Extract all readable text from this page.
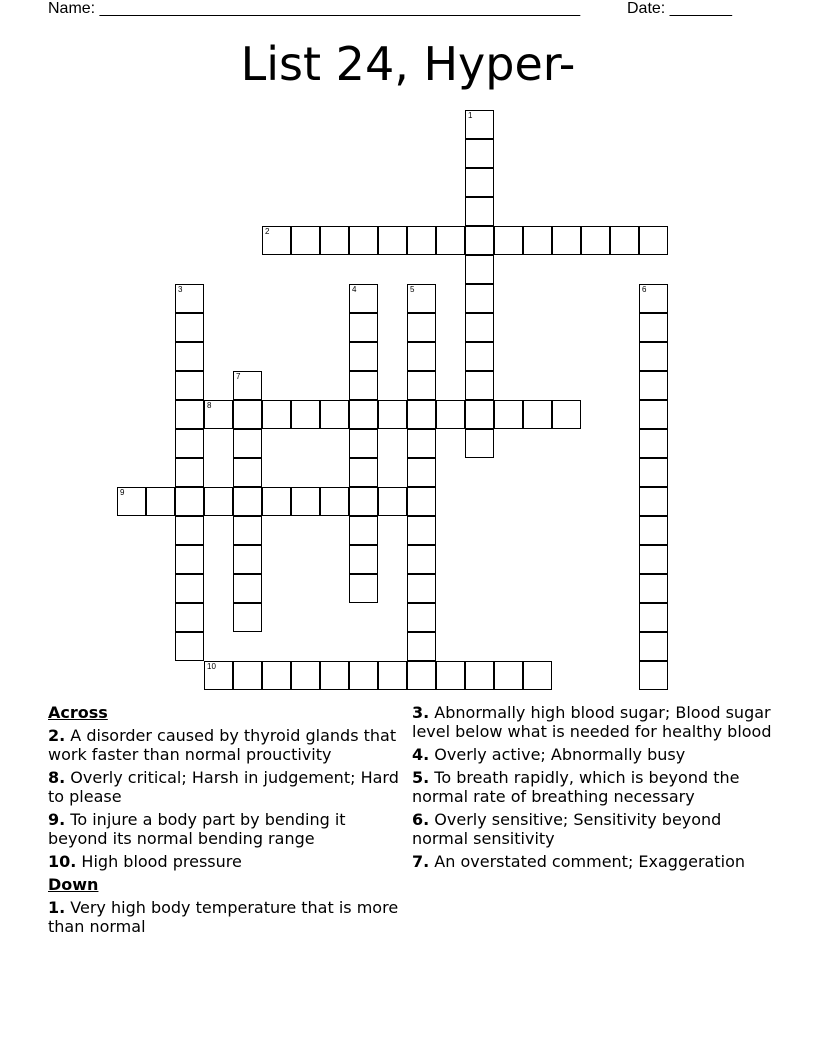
Name: ______________________________________________________	Date: _______
List 24, Hyper-
1
2
3	4	5	6
7
8
9
10
Across
2. A disorder caused by thyroid glands that work faster than normal prouctivity
8. Overly critical; Harsh in judgement; Hard to please
9. To injure a body part by bending it beyond its normal bending range
10. High blood pressure
Down
1. Very high body temperature that is more than normal
3. Abnormally high blood sugar; Blood sugar level below what is needed for healthy blood
4. Overly active; Abnormally busy
5. To breath rapidly, which is beyond the normal rate of breathing necessary
6. Overly sensitive; Sensitivity beyond normal sensitivity
7. An overstated comment; Exaggeration
